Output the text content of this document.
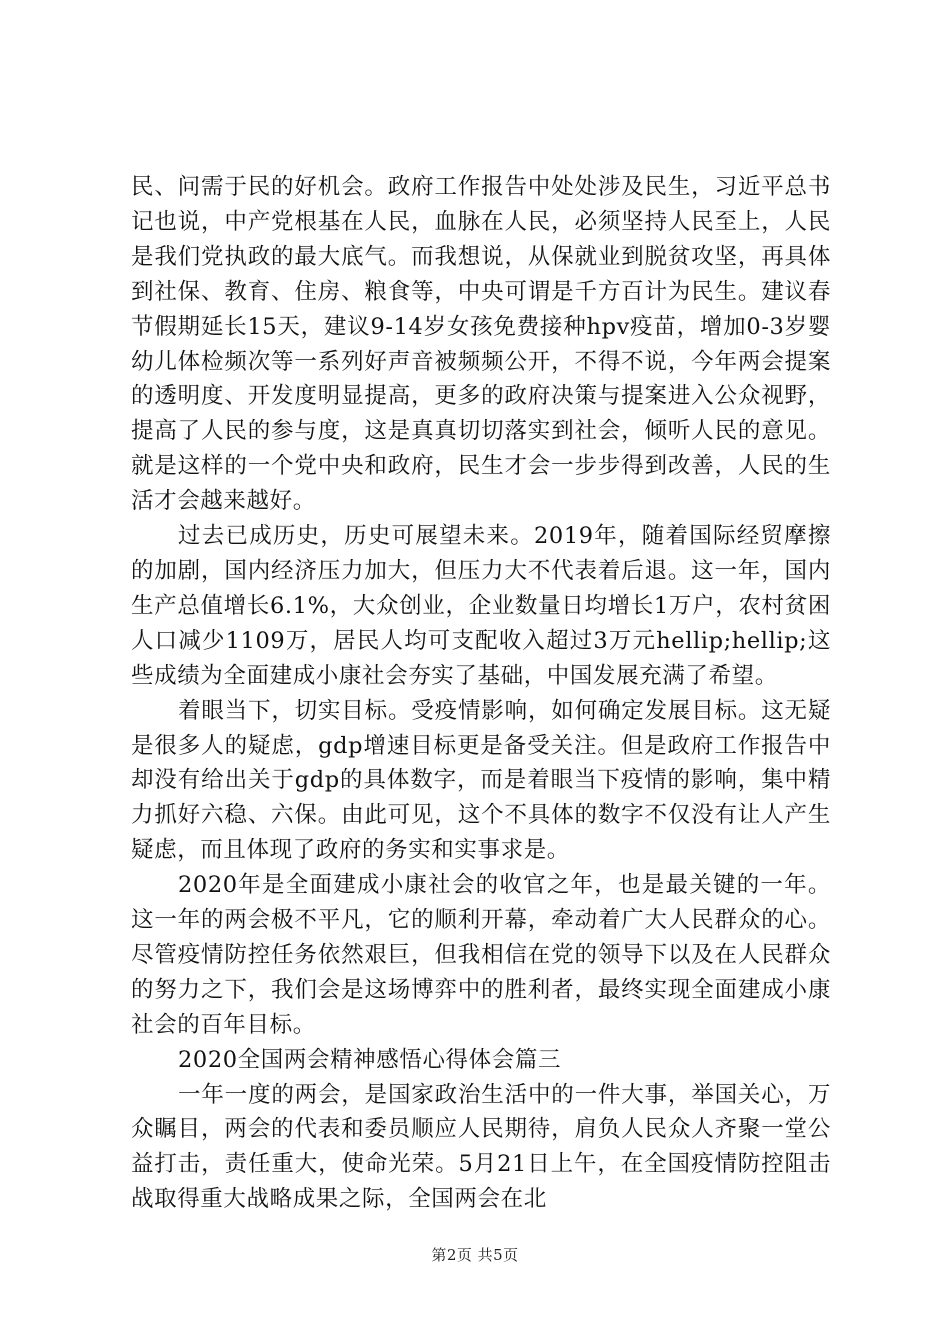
民、问需于民的好机会。政府工作报告中处处涉及民生，习近平总书记也说，中产党根基在人民，血脉在人民，必须坚持人民至上，人民是我们党执政的最大底气。而我想说，从保就业到脱贫攻坚，再具体到社保、教育、住房、粮食等，中央可谓是千方百计为民生。建议春节假期延长15天，建议9-14岁女孩免费接种hpv疫苗，增加0-3岁婴幼儿体检频次等一系列好声音被频频公开，不得不说，今年两会提案的透明度、开发度明显提高，更多的政府决策与提案进入公众视野，提高了人民的参与度，这是真真切切落实到社会，倾听人民的意见。就是这样的一个党中央和政府，民生才会一步步得到改善，人民的生活才会越来越好。

过去已成历史，历史可展望未来。2019年，随着国际经贸摩擦的加剧，国内经济压力加大，但压力大不代表着后退。这一年，国内生产总值增长6.1%，大众创业，企业数量日均增长1万户，农村贫困人口减少1109万，居民人均可支配收入超过3万元hellip;hellip;这些成绩为全面建成小康社会夯实了基础，中国发展充满了希望。

着眼当下，切实目标。受疫情影响，如何确定发展目标。这无疑是很多人的疑虑，gdp增速目标更是备受关注。但是政府工作报告中却没有给出关于gdp的具体数字，而是着眼当下疫情的影响，集中精力抓好六稳、六保。由此可见，这个不具体的数字不仅没有让人产生疑虑，而且体现了政府的务实和实事求是。

2020年是全面建成小康社会的收官之年，也是最关键的一年。这一年的两会极不平凡，它的顺利开幕，牵动着广大人民群众的心。尽管疫情防控任务依然艰巨，但我相信在党的领导下以及在人民群众的努力之下，我们会是这场博弈中的胜利者，最终实现全面建成小康社会的百年目标。

2020全国两会精神感悟心得体会篇三

一年一度的两会，是国家政治生活中的一件大事，举国关心，万众瞩目，两会的代表和委员顺应人民期待，肩负人民众人齐聚一堂公益打击，责任重大，使命光荣。5月21日上午，在全国疫情防控阻击战取得重大战略成果之际，全国两会在北

第2页 共5页
